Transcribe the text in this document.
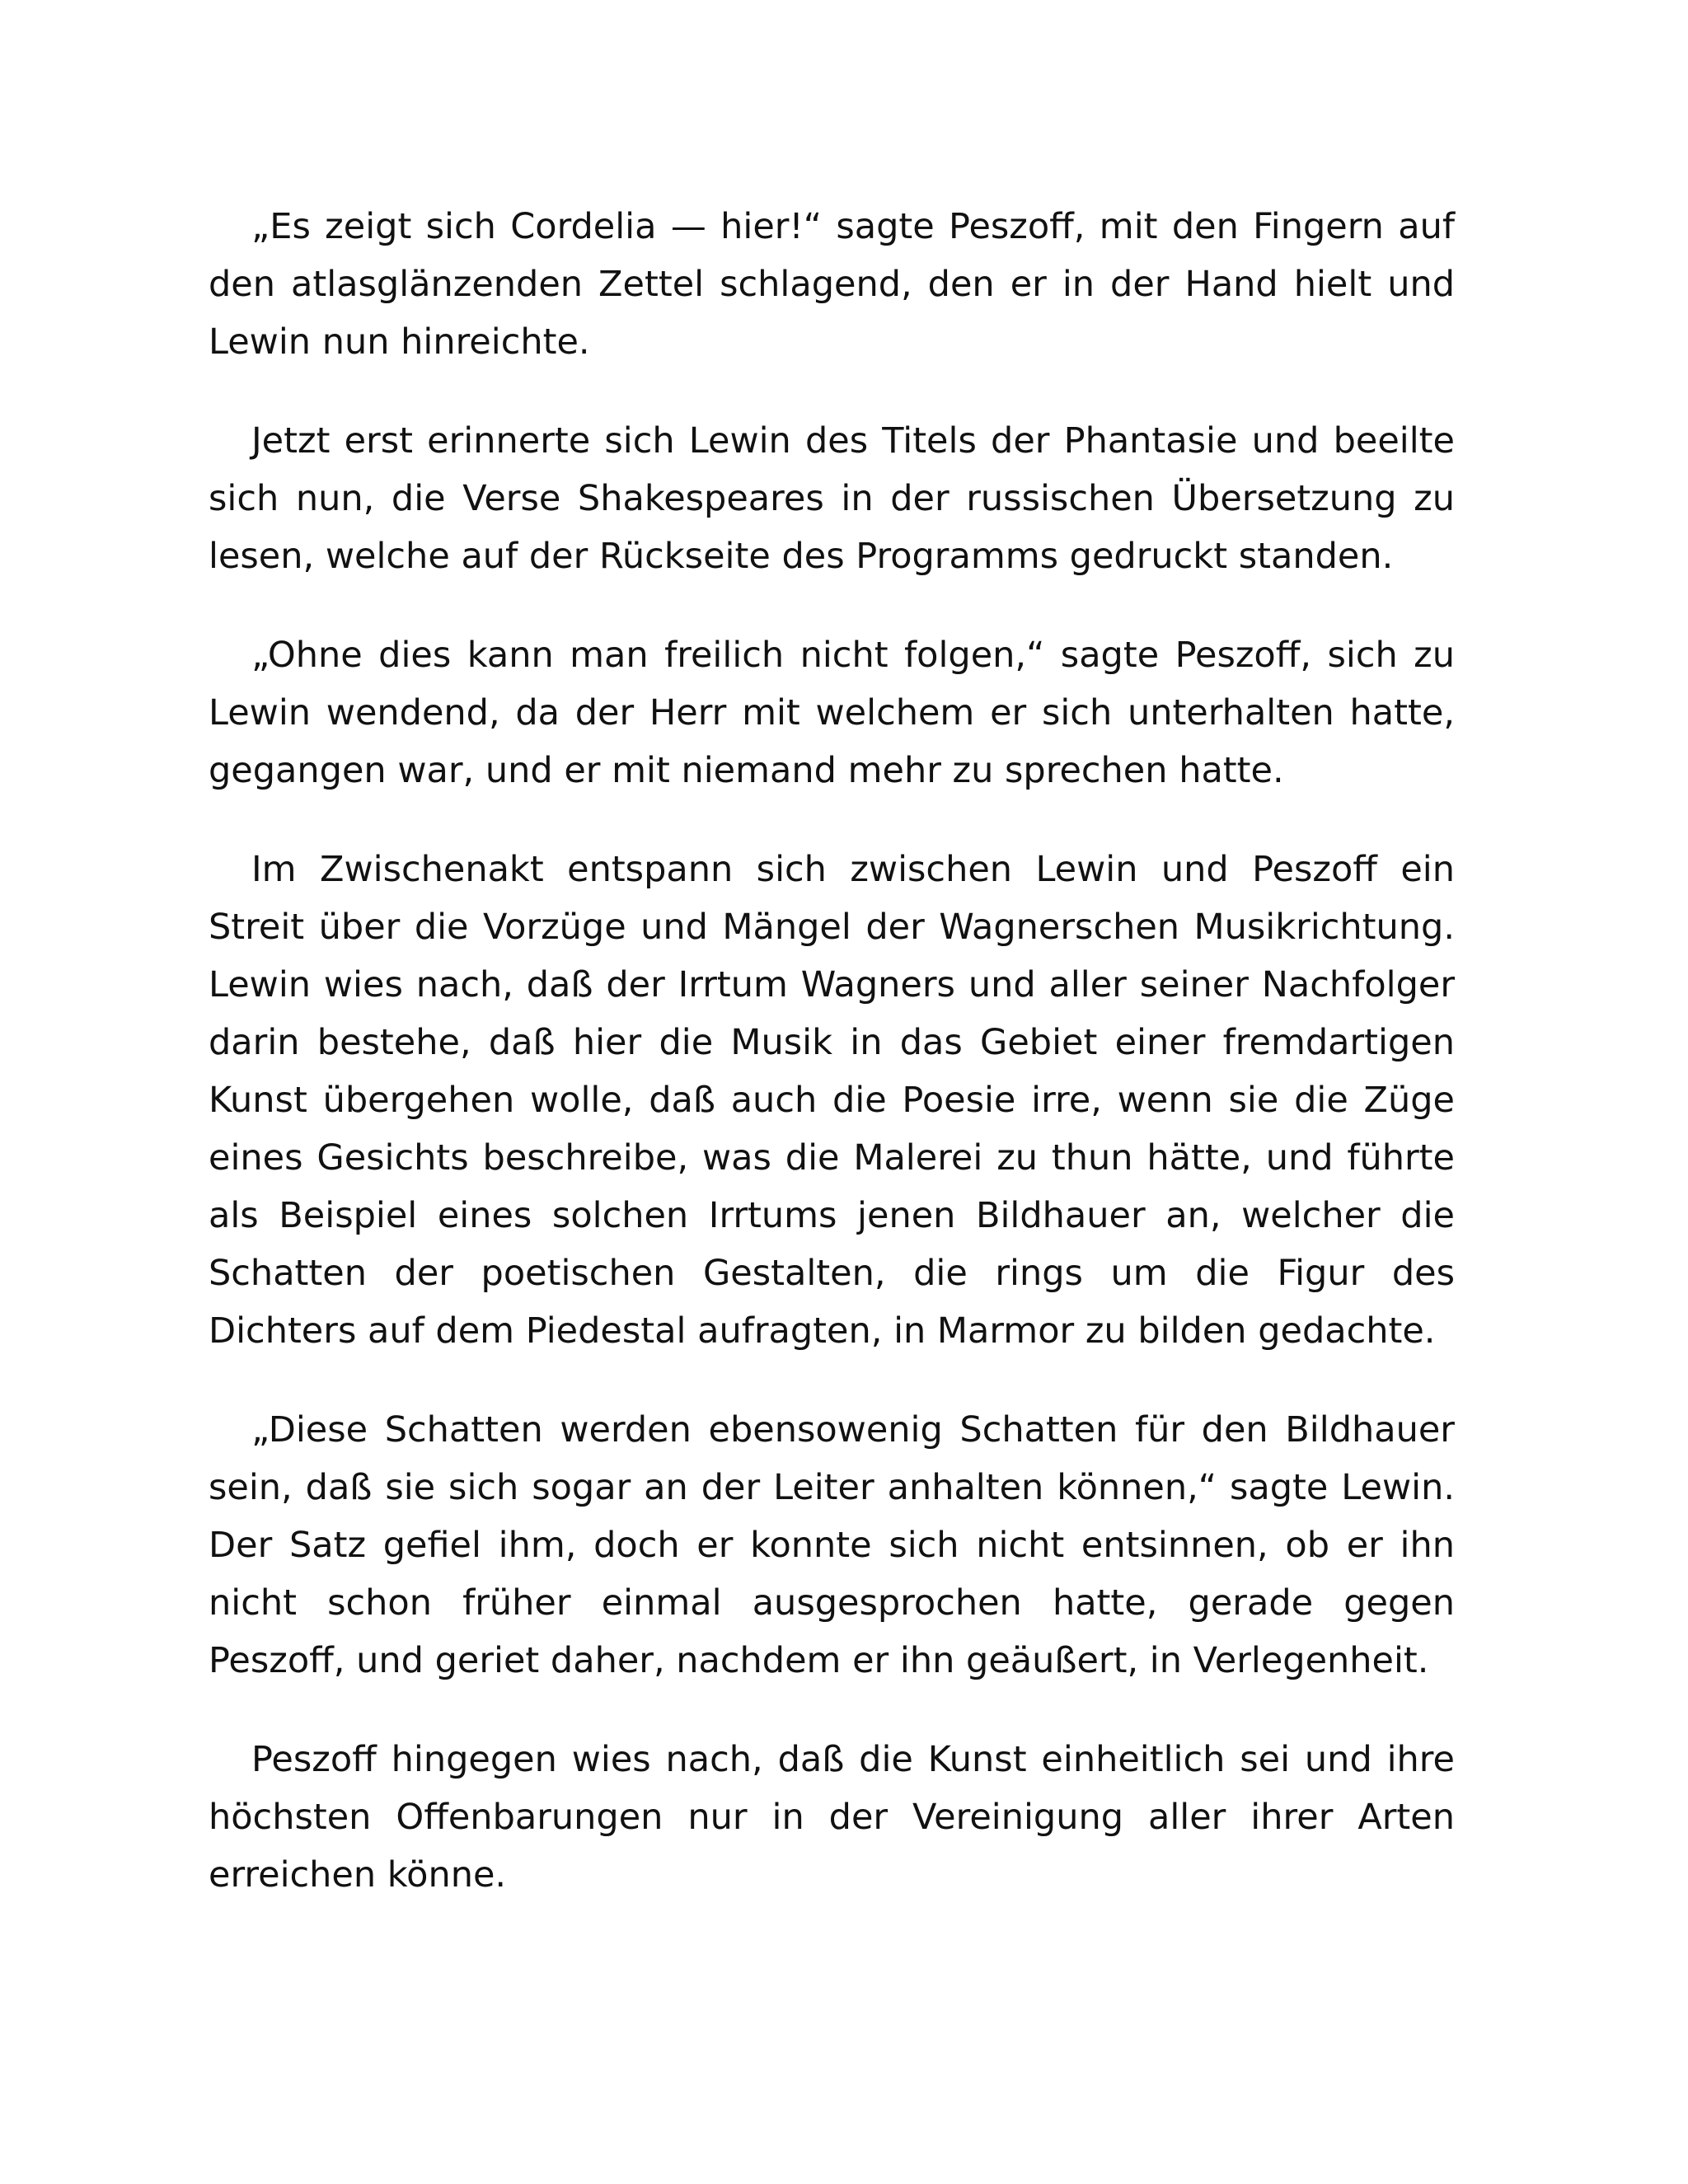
„Es zeigt sich Cordelia — hier!“ sagte Peszoff, mit den Fingern auf den atlasglänzenden Zettel schlagend, den er in der Hand hielt und Lewin nun hinreichte.

Jetzt erst erinnerte sich Lewin des Titels der Phantasie und beeilte sich nun, die Verse Shakespeares in der russischen Übersetzung zu lesen, welche auf der Rückseite des Programms gedruckt standen.

„Ohne dies kann man freilich nicht folgen,“ sagte Peszoff, sich zu Lewin wendend, da der Herr mit welchem er sich unterhalten hatte, gegangen war, und er mit niemand mehr zu sprechen hatte.

Im Zwischenakt entspann sich zwischen Lewin und Peszoff ein Streit über die Vorzüge und Mängel der Wagnerschen Musikrichtung. Lewin wies nach, daß der Irrtum Wagners und aller seiner Nachfolger darin bestehe, daß hier die Musik in das Gebiet einer fremdartigen Kunst übergehen wolle, daß auch die Poesie irre, wenn sie die Züge eines Gesichts beschreibe, was die Malerei zu thun hätte, und führte als Beispiel eines solchen Irrtums jenen Bildhauer an, welcher die Schatten der poetischen Gestalten, die rings um die Figur des Dichters auf dem Piedestal aufragten, in Marmor zu bilden gedachte.

„Diese Schatten werden ebensowenig Schatten für den Bildhauer sein, daß sie sich sogar an der Leiter anhalten können,“ sagte Lewin. Der Satz gefiel ihm, doch er konnte sich nicht entsinnen, ob er ihn nicht schon früher einmal ausgesprochen hatte, gerade gegen Peszoff, und geriet daher, nachdem er ihn geäußert, in Verlegenheit.

Peszoff hingegen wies nach, daß die Kunst einheitlich sei und ihre höchsten Offenbarungen nur in der Vereinigung aller ihrer Arten erreichen könne.
